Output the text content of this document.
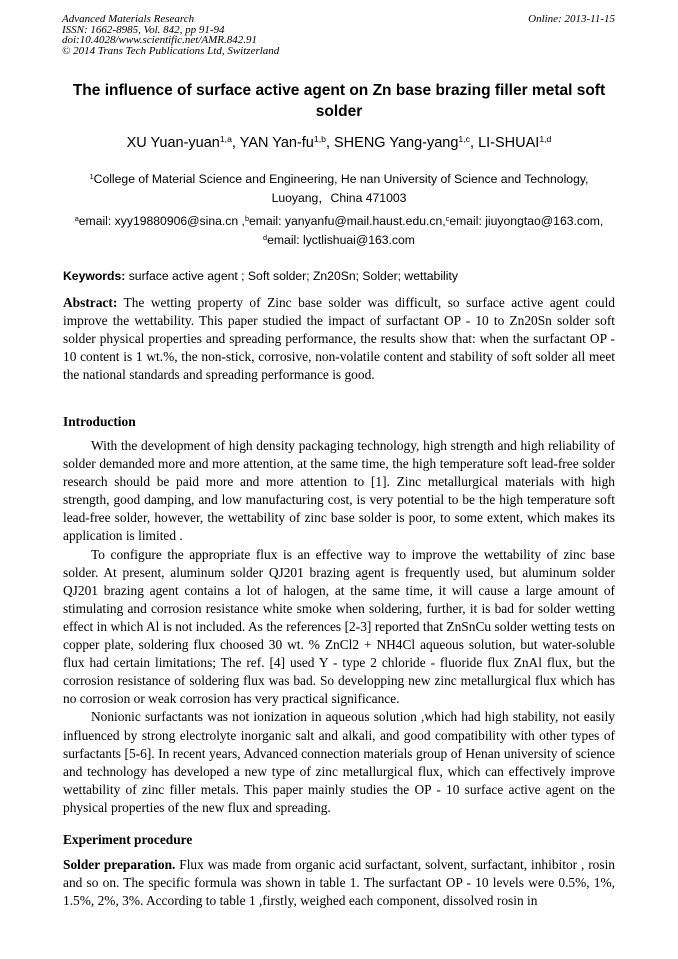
Advanced Materials Research
ISSN: 1662-8985, Vol. 842, pp 91-94
doi:10.4028/www.scientific.net/AMR.842.91
© 2014 Trans Tech Publications Ltd, Switzerland
Online: 2013-11-15
The influence of surface active agent on Zn base brazing filler metal soft solder
XU Yuan-yuan$^{1,a}$, YAN Yan-fu$^{1,b}$, SHENG Yang-yang$^{1,c}$, LI-SHUAI$^{1,d}$
$^1$College of Material Science and Engineering, He nan University of Science and Technology,
Luoyang，China 471003
$^a$email: xyy19880906@sina.cn ,$^b$email: yanyanfu@mail.haust.edu.cn,$^c$email: jiuyongtao@163.com,
$^d$email: lyctlishuai@163.com
Keywords: surface active agent ; Soft solder; Zn20Sn; Solder; wettability

Abstract: The wetting property of Zinc base solder was difficult, so surface active agent could improve the wettability. This paper studied the impact of surfactant OP - 10 to Zn20Sn solder soft solder physical properties and spreading performance, the results show that: when the surfactant OP - 10 content is 1 wt.%, the non-stick, corrosive, non-volatile content and stability of soft solder all meet the national standards and spreading performance is good.

Introduction

With the development of high density packaging technology, high strength and high reliability of solder demanded more and more attention, at the same time, the high temperature soft lead-free solder research should be paid more and more attention to [1]. Zinc metallurgical materials with high strength, good damping, and low manufacturing cost, is very potential to be the high temperature soft lead-free solder, however, the wettability of zinc base solder is poor, to some extent, which makes its application is limited .

To configure the appropriate flux is an effective way to improve the wettability of zinc base solder. At present, aluminum solder QJ201 brazing agent is frequently used, but aluminum solder QJ201 brazing agent contains a lot of halogen, at the same time, it will cause a large amount of stimulating and corrosion resistance white smoke when soldering, further, it is bad for solder wetting effect in which Al is not included. As the references [2-3] reported that ZnSnCu solder wetting tests on copper plate, soldering flux choosed 30 wt. % ZnCl2 + NH4Cl aqueous solution, but water-soluble flux had certain limitations; The ref. [4] used Y - type 2 chloride - fluoride flux ZnAl flux, but the corrosion resistance of soldering flux was bad. So developping new zinc metallurgical flux which has no corrosion or weak corrosion has very practical significance.

Nonionic surfactants was not ionization in aqueous solution ,which had high stability, not easily influenced by strong electrolyte inorganic salt and alkali, and good compatibility with other types of surfactants [5-6]. In recent years, Advanced connection materials group of Henan university of science and technology has developed a new type of zinc metallurgical flux, which can effectively improve wettability of zinc filler metals. This paper mainly studies the OP - 10 surface active agent on the physical properties of the new flux and spreading.

Experiment procedure

Solder preparation. Flux was made from organic acid surfactant, solvent, surfactant, inhibitor , rosin and so on. The specific formula was shown in table 1. The surfactant OP - 10 levels were 0.5%, 1%, 1.5%, 2%, 3%. According to table 1 ,firstly, weighed each component, dissolved rosin in
